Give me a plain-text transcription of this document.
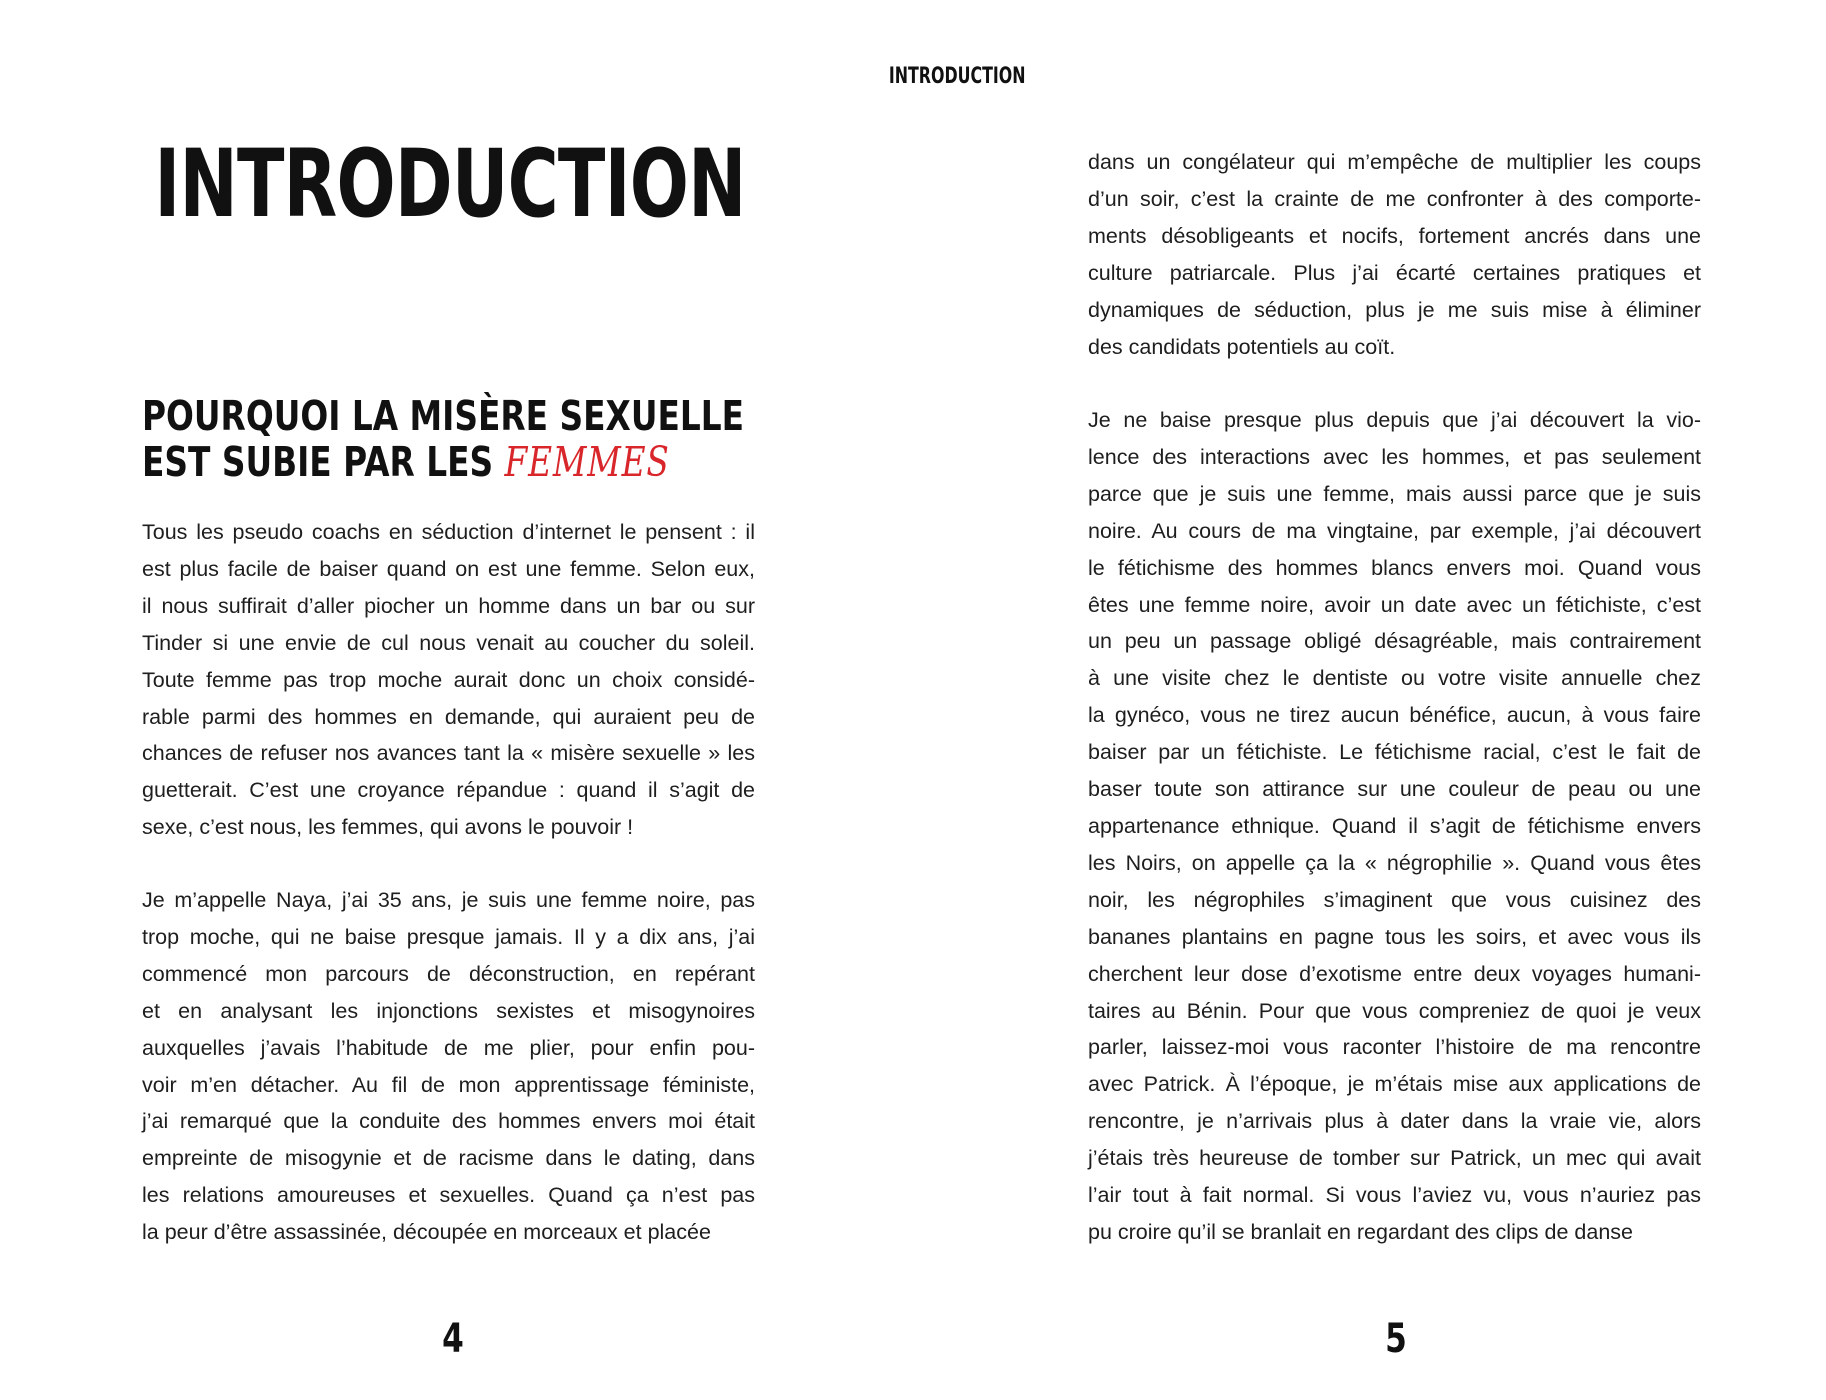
INTRODUCTION
POURQUOI LA MISÈRE SEXUELLE
EST SUBIE PAR LES FEMMES
Tous les pseudo coachs en séduction d’internet le pensent : il
est plus facile de baiser quand on est une femme. Selon eux,
il nous suffirait d’aller piocher un homme dans un bar ou sur
Tinder si une envie de cul nous venait au coucher du soleil.
Toute femme pas trop moche aurait donc un choix considé-
rable parmi des hommes en demande, qui auraient peu de
chances de refuser nos avances tant la « misère sexuelle » les
guetterait. C’est une croyance répandue : quand il s’agit de
sexe, c’est nous, les femmes, qui avons le pouvoir !
Je m’appelle Naya, j’ai 35 ans, je suis une femme noire, pas
trop moche, qui ne baise presque jamais. Il y a dix ans, j’ai
commencé mon parcours de déconstruction, en repérant
et en analysant les injonctions sexistes et misogynoires
auxquelles j’avais l’habitude de me plier, pour enfin pou-
voir m’en détacher. Au fil de mon apprentissage féministe,
j’ai remarqué que la conduite des hommes envers moi était
empreinte de misogynie et de racisme dans le dating, dans
les relations amoureuses et sexuelles. Quand ça n’est pas
la peur d’être assassinée, découpée en morceaux et placée
4
dans un congélateur qui m’empêche de multiplier les coups
d’un soir, c’est la crainte de me confronter à des comporte-
ments désobligeants et nocifs, fortement ancrés dans une
culture patriarcale. Plus j’ai écarté certaines pratiques et
dynamiques de séduction, plus je me suis mise à éliminer
des candidats potentiels au coït.
Je ne baise presque plus depuis que j’ai découvert la vio-
lence des interactions avec les hommes, et pas seulement
parce que je suis une femme, mais aussi parce que je suis
noire. Au cours de ma vingtaine, par exemple, j’ai découvert
le fétichisme des hommes blancs envers moi. Quand vous
êtes une femme noire, avoir un date avec un fétichiste, c’est
un peu un passage obligé désagréable, mais contrairement
à une visite chez le dentiste ou votre visite annuelle chez
la gynéco, vous ne tirez aucun bénéfice, aucun, à vous faire
baiser par un fétichiste. Le fétichisme racial, c’est le fait de
baser toute son attirance sur une couleur de peau ou une
appartenance ethnique. Quand il s’agit de fétichisme envers
les Noirs, on appelle ça la « négrophilie ». Quand vous êtes
noir, les négrophiles s’imaginent que vous cuisinez des
bananes plantains en pagne tous les soirs, et avec vous ils
cherchent leur dose d’exotisme entre deux voyages humani-
taires au Bénin. Pour que vous compreniez de quoi je veux
parler, laissez-moi vous raconter l’histoire de ma rencontre
avec Patrick. À l’époque, je m’étais mise aux applications de
rencontre, je n’arrivais plus à dater dans la vraie vie, alors
j’étais très heureuse de tomber sur Patrick, un mec qui avait
l’air tout à fait normal. Si vous l’aviez vu, vous n’auriez pas
pu croire qu’il se branlait en regardant des clips de danse
INTRODUCTION
5
